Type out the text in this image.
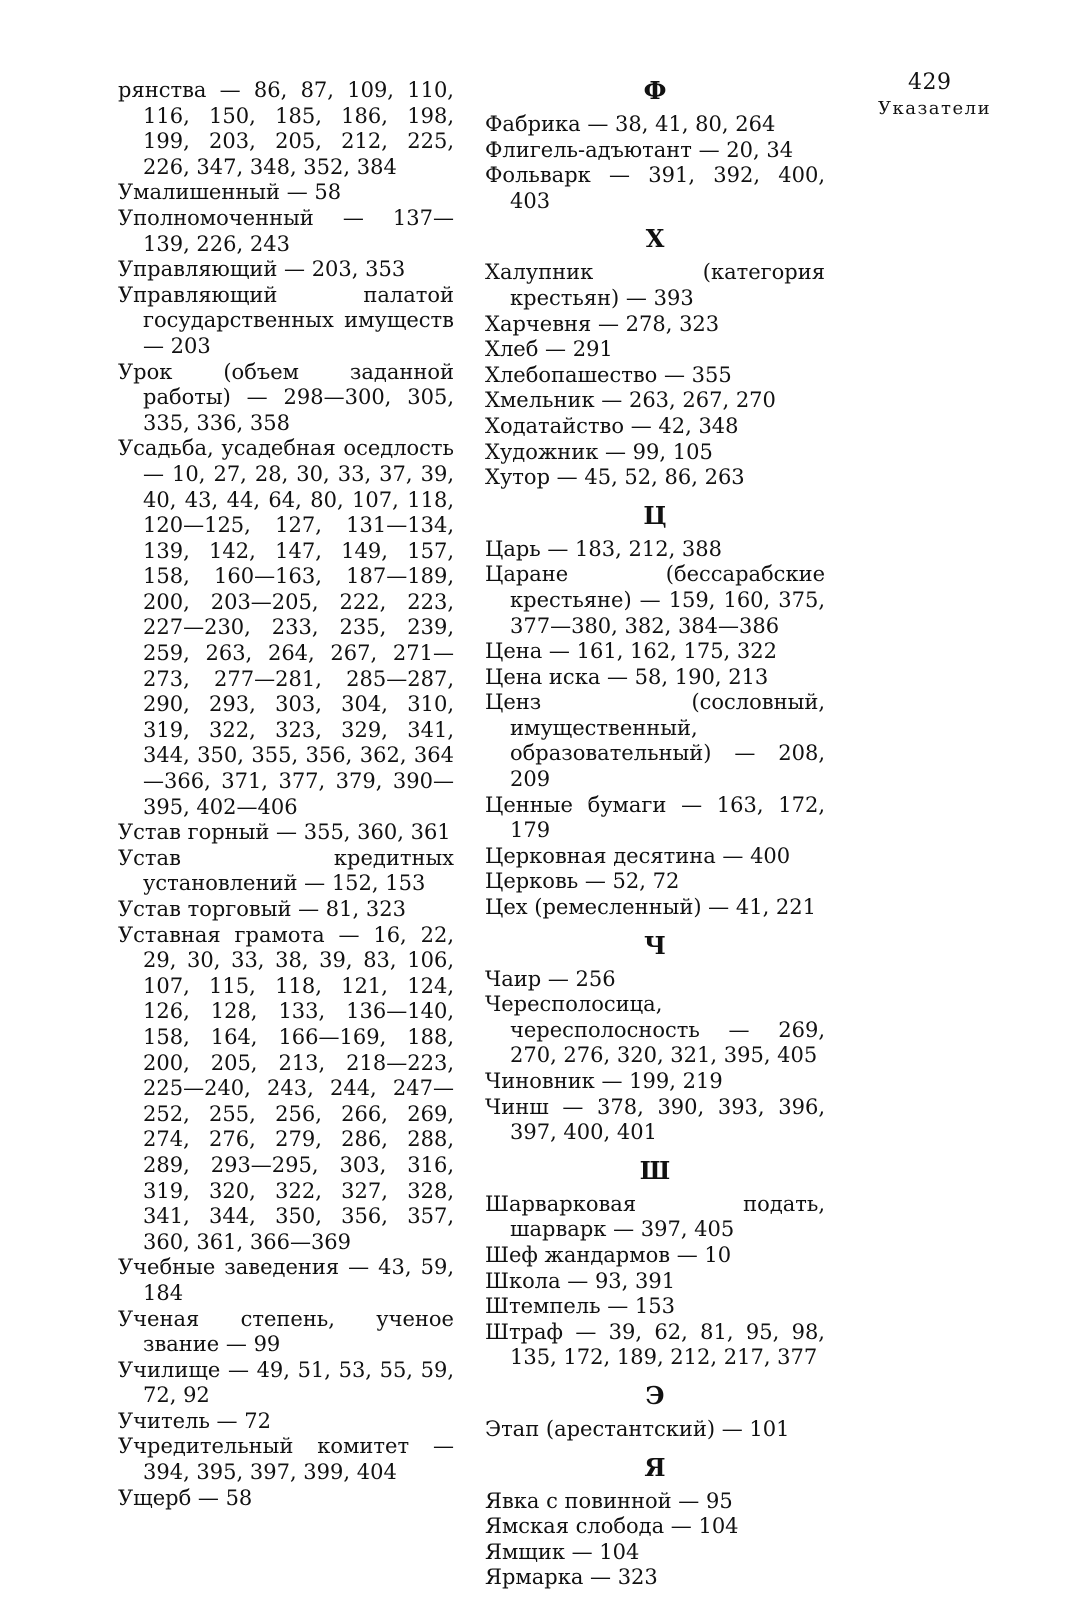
429
Указатели
рянства — 86, 87, 109, 110, 116, 150, 185, 186, 198, 199, 203, 205, 212, 225, 226, 347, 348, 352, 384
Умалишенный — 58
Уполномоченный — 137—139, 226, 243
Управляющий — 203, 353
Управляющий палатой государственных имуществ — 203
Урок (объем заданной работы) — 298—300, 305, 335, 336, 358
Усадьба, усадебная оседлость — 10, 27, 28, 30, 33, 37, 39, 40, 43, 44, 64, 80, 107, 118, 120—125, 127, 131—134, 139, 142, 147, 149, 157, 158, 160—163, 187—189, 200, 203—205, 222, 223, 227—230, 233, 235, 239, 259, 263, 264, 267, 271—273, 277—281, 285—287, 290, 293, 303, 304, 310, 319, 322, 323, 329, 341, 344, 350, 355, 356, 362, 364—366, 371, 377, 379, 390—395, 402—406
Устав горный — 355, 360, 361
Устав кредитных установлений — 152, 153
Устав торговый — 81, 323
Уставная грамота — 16, 22, 29, 30, 33, 38, 39, 83, 106, 107, 115, 118, 121, 124, 126, 128, 133, 136—140, 158, 164, 166—169, 188, 200, 205, 213, 218—223, 225—240, 243, 244, 247—252, 255, 256, 266, 269, 274, 276, 279, 286, 288, 289, 293—295, 303, 316, 319, 320, 322, 327, 328, 341, 344, 350, 356, 357, 360, 361, 366—369
Учебные заведения — 43, 59, 184
Ученая степень, ученое звание — 99
Училище — 49, 51, 53, 55, 59, 72, 92
Учитель — 72
Учредительный комитет — 394, 395, 397, 399, 404
Ущерб — 58
Ф
Фабрика — 38, 41, 80, 264
Флигель-адъютант — 20, 34
Фольварк — 391, 392, 400, 403
Х
Халупник (категория крестьян) — 393
Харчевня — 278, 323
Хлеб — 291
Хлебопашество — 355
Хмельник — 263, 267, 270
Ходатайство — 42, 348
Художник — 99, 105
Хутор — 45, 52, 86, 263
Ц
Царь — 183, 212, 388
Царане (бессарабские крестьяне) — 159, 160, 375, 377—380, 382, 384—386
Цена — 161, 162, 175, 322
Цена иска — 58, 190, 213
Ценз (сословный, имущественный, образовательный) — 208, 209
Ценные бумаги — 163, 172, 179
Церковная десятина — 400
Церковь — 52, 72
Цех (ремесленный) — 41, 221
Ч
Чаир — 256
Чересполосица, чересполосность — 269, 270, 276, 320, 321, 395, 405
Чиновник — 199, 219
Чинш — 378, 390, 393, 396, 397, 400, 401
Ш
Шарварковая подать, шарварк — 397, 405
Шеф жандармов — 10
Школа — 93, 391
Штемпель — 153
Штраф — 39, 62, 81, 95, 98, 135, 172, 189, 212, 217, 377
Э
Этап (арестантский) — 101
Я
Явка с повинной — 95
Ямская слобода — 104
Ямщик — 104
Ярмарка — 323
